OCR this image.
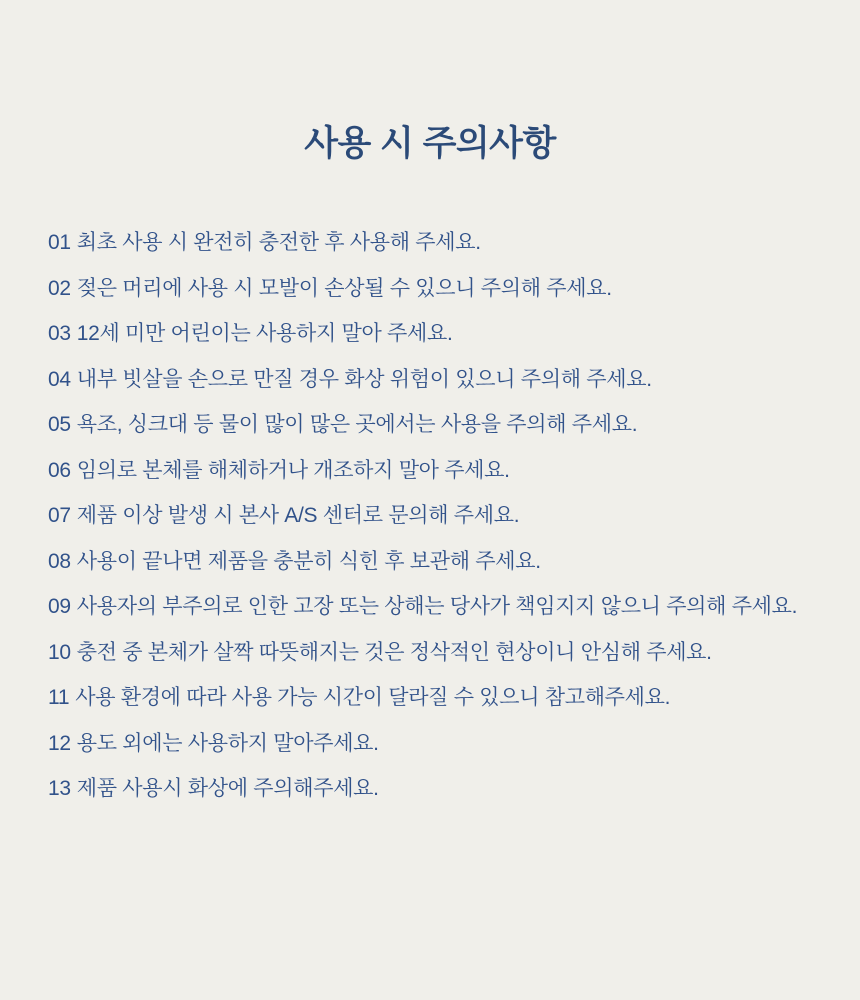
사용 시 주의사항
01 최초 사용 시 완전히 충전한 후 사용해 주세요.
02 젖은 머리에 사용 시 모발이 손상될 수 있으니 주의해 주세요.
03 12세 미만 어린이는 사용하지 말아 주세요.
04 내부 빗살을 손으로 만질 경우 화상 위험이 있으니 주의해 주세요.
05 욕조, 싱크대 등 물이 많이 많은 곳에서는 사용을 주의해 주세요.
06 임의로 본체를 해체하거나 개조하지 말아 주세요.
07 제품 이상 발생 시 본사 A/S 센터로 문의해 주세요.
08 사용이 끝나면 제품을 충분히 식힌 후 보관해 주세요.
09 사용자의 부주의로 인한 고장 또는 상해는 당사가 책임지지 않으니 주의해 주세요.
10 충전 중 본체가 살짝 따뜻해지는 것은 정삭적인 현상이니 안심해 주세요.
11 사용 환경에 따라 사용 가능 시간이 달라질 수 있으니 참고해주세요.
12 용도 외에는 사용하지 말아주세요.
13 제품 사용시 화상에 주의해주세요.
